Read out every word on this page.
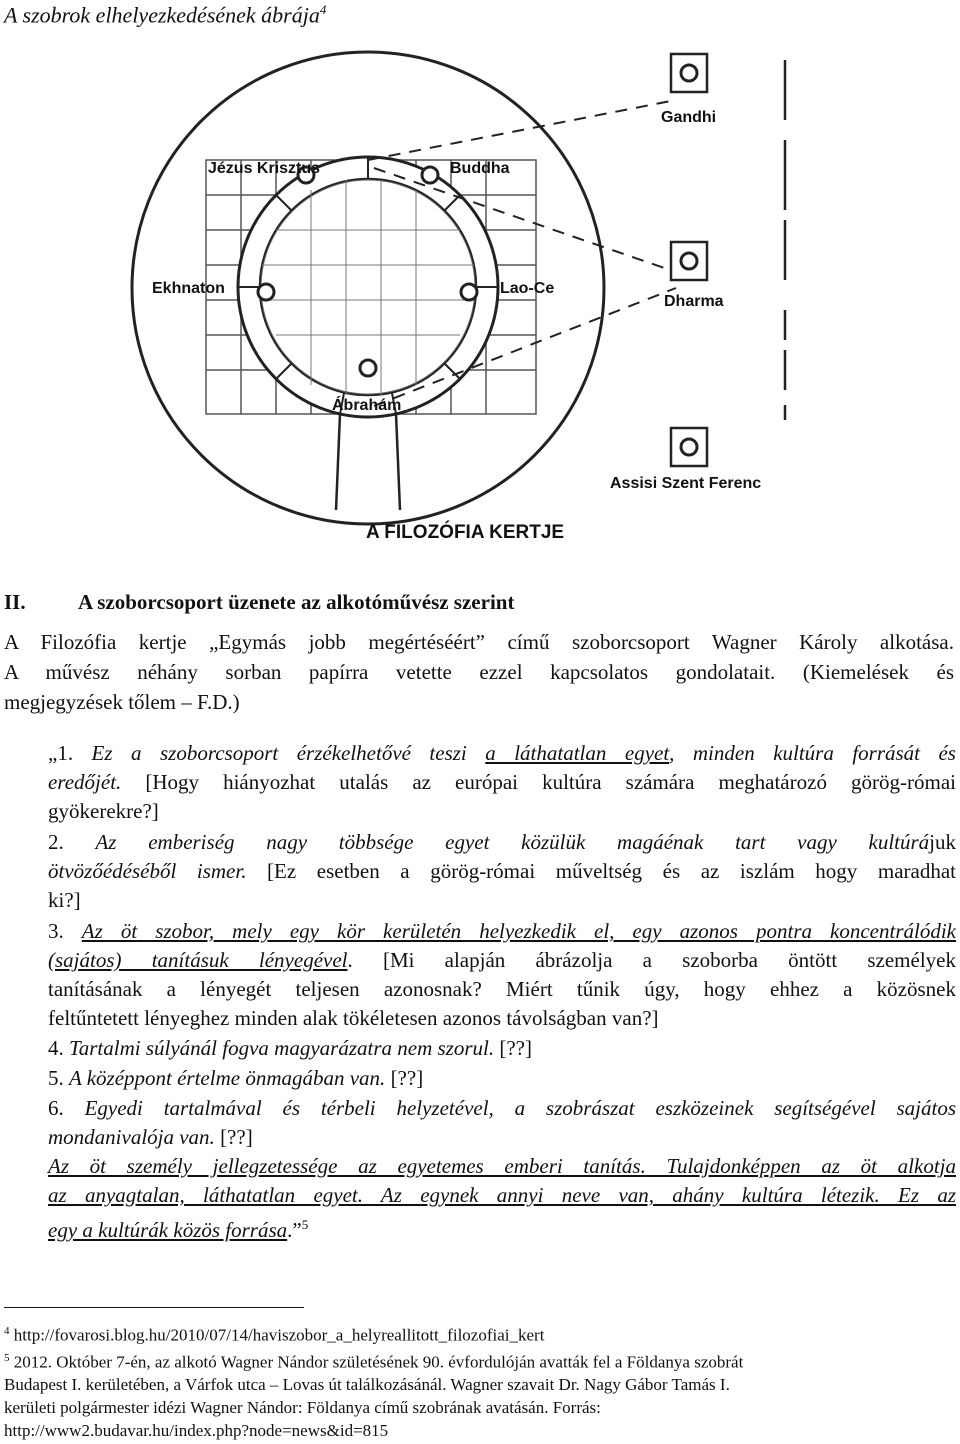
A szobrok elhelyezkedésének ábrája$^4$
Gandhi
Jézus Krisztus	Buddha
Ekhnaton	Lao-Ce
Dharma
Ábrahám
Assisi Szent Ferenc
A FILOZÓFIA KERTJE
II. A szoborcsoport üzenete az alkotóművész szerint
A Filozófia kertje „Egymás jobb megértéséért” című szoborcsoport Wagner Károly alkotása.
A művész néhány sorban papírra vetette ezzel kapcsolatos gondolatait. (Kiemelések és
megjegyzések tőlem – F.D.)
„1. Ez a szoborcsoport érzékelhetővé teszi a láthatatlan egyet, minden kultúra forrását és
eredőjét. [Hogy hiányozhat utalás az európai kultúra számára meghatározó görög-római
gyökerekre?]
2. Az emberiség nagy többsége egyet közülük magáénak tart vagy kultúrájuk
ötvözőédéséből ismer. [Ez esetben a görög-római műveltség és az iszlám hogy maradhat
ki?]
3. Az öt szobor, mely egy kör kerületén helyezkedik el, egy azonos pontra koncentrálódik
(sajátos) tanításuk lényegével. [Mi alapján ábrázolja a szoborba öntött személyek
tanításának a lényegét teljesen azonosnak? Miért tűnik úgy, hogy ehhez a közösnek
feltűntetett lényeghez minden alak tökéletesen azonos távolságban van?]
4. Tartalmi súlyánál fogva magyarázatra nem szorul. [??]
5. A középpont értelme önmagában van. [??]
6. Egyedi tartalmával és térbeli helyzetével, a szobrászat eszközeinek segítségével sajátos
mondanivalója van. [??]
Az öt személy jellegzetessége az egyetemes emberi tanítás. Tulajdonképpen az öt alkotja
az anyagtalan, láthatatlan egyet. Az egynek annyi neve van, ahány kultúra létezik. Ez az
egy a kultúrák közös forrása.”$^5$
$^4$ http://fovarosi.blog.hu/2010/07/14/haviszobor_a_helyreallitott_filozofiai_kert
$^5$ 2012. Október 7-én, az alkotó Wagner Nándor születésének 90. évfordulóján avatták fel a Földanya szobrát
Budapest I. kerületében, a Várfok utca – Lovas út találkozásánál. Wagner szavait Dr. Nagy Gábor Tamás I.
kerületi polgármester idézi Wagner Nándor: Földanya című szobrának avatásán. Forrás:
http://www2.budavar.hu/index.php?node=news&id=815
